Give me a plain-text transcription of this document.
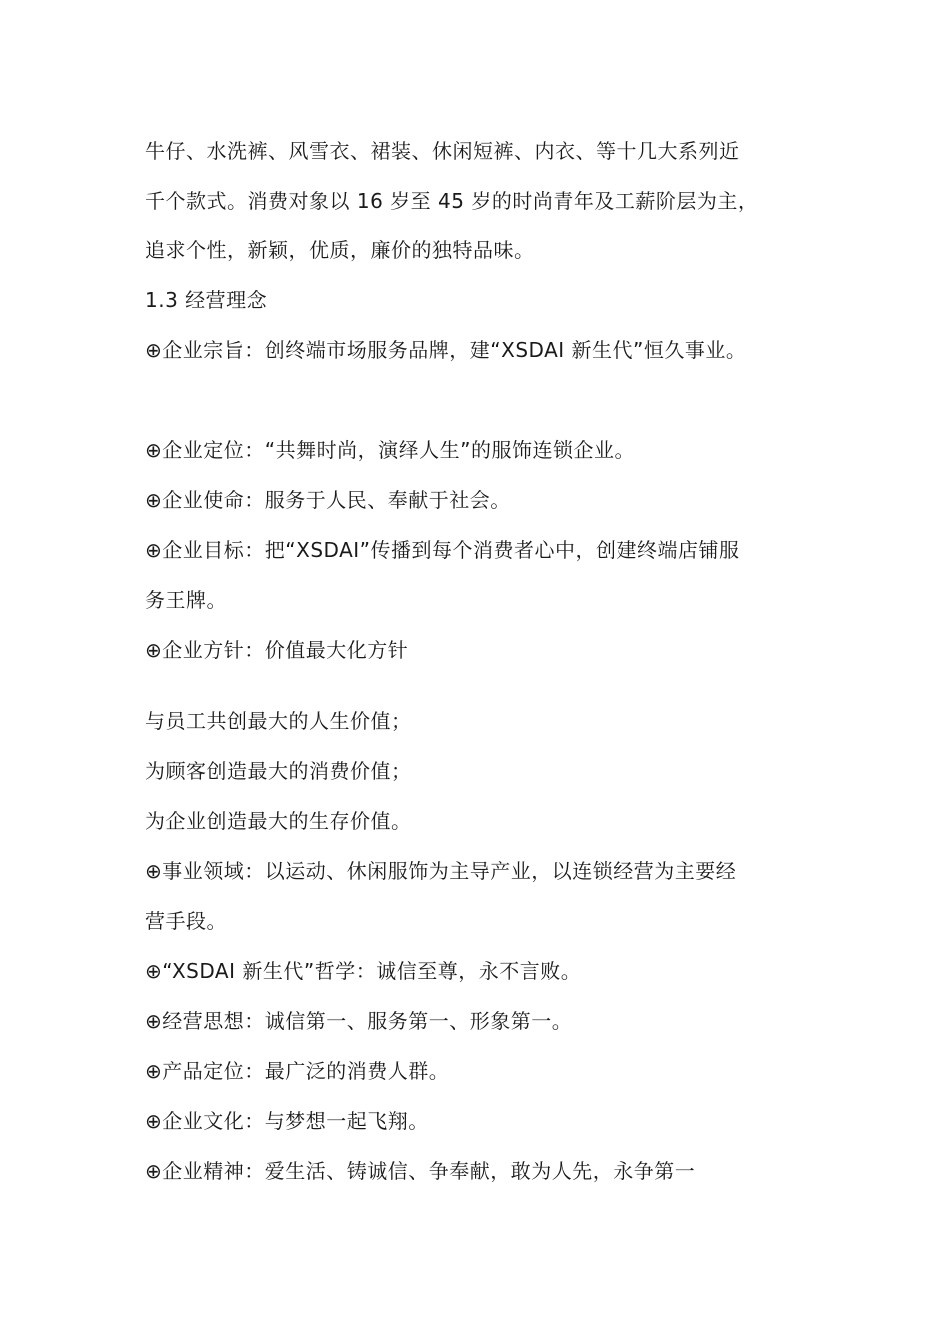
牛仔、水洗裤、风雪衣、裙装、休闲短裤、内衣、等十几大系列近
千个款式。消费对象以 16 岁至 45 岁的时尚青年及工薪阶层为主，
追求个性，新颖，优质，廉价的独特品味。
1.3 经营理念
⊕企业宗旨：创终端市场服务品牌，建“XSDAI 新生代”恒久事业。
⊕企业定位：“共舞时尚，演绎人生”的服饰连锁企业。
⊕企业使命：服务于人民、奉献于社会。
⊕企业目标：把“XSDAI”传播到每个消费者心中，创建终端店铺服
务王牌。
⊕企业方针：价值最大化方针
与员工共创最大的人生价值；
为顾客创造最大的消费价值；
为企业创造最大的生存价值。
⊕事业领域：以运动、休闲服饰为主导产业，以连锁经营为主要经
营手段。
⊕“XSDAI 新生代”哲学：诚信至尊，永不言败。
⊕经营思想：诚信第一、服务第一、形象第一。
⊕产品定位：最广泛的消费人群。
⊕企业文化：与梦想一起飞翔。
⊕企业精神：爱生活、铸诚信、争奉献，敢为人先，永争第一
